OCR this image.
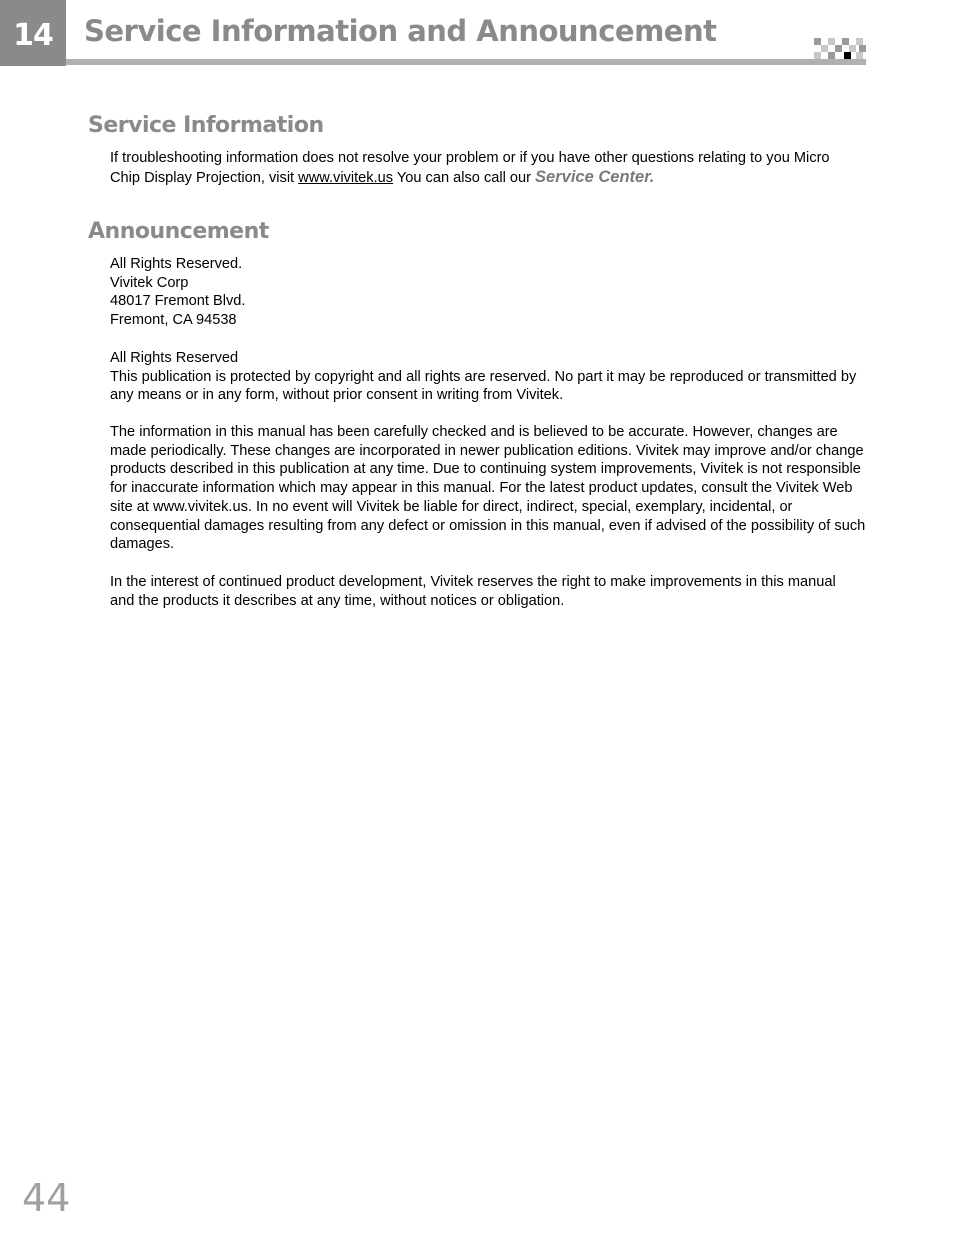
14	Service Information and Announcement
Service Information

If troubleshooting information does not resolve your problem or if you have other questions relating to you Micro Chip Display Projection, visit www.vivitek.us You can also call our Service Center.

Announcement
All Rights Reserved.
Vivitek Corp
48017 Fremont Blvd.
Fremont, CA 94538
All Rights Reserved
This publication is protected by copyright and all rights are reserved. No part it may be reproduced or transmitted by any means or in any form, without prior consent in writing from Vivitek.

The information in this manual has been carefully checked and is believed to be accurate. However, changes are made periodically. These changes are incorporated in newer publication editions. Vivitek may improve and/or change products described in this publication at any time. Due to continuing system improvements, Vivitek is not responsible for inaccurate information which may appear in this manual. For the latest product updates, consult the Vivitek Web site at www.vivitek.us. In no event will Vivitek be liable for direct, indirect, special, exemplary, incidental, or consequential damages resulting from any defect or omission in this manual, even if advised of the possibility of such damages.

In the interest of continued product development, Vivitek reserves the right to make improvements in this manual and the products it describes at any time, without notices or obligation.

44
